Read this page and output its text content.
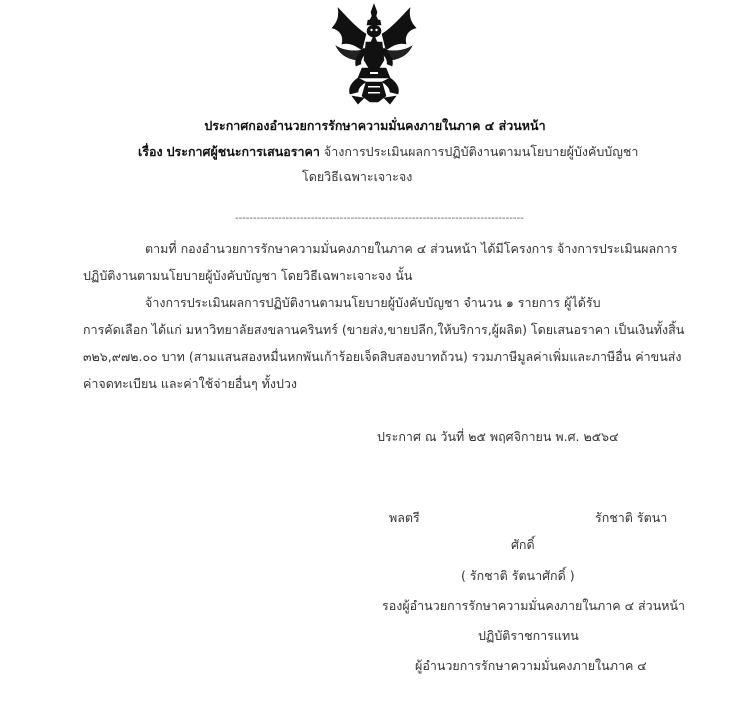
ประกาศกองอำนวยการรักษาความมั่นคงภายในภาค ๔ ส่วนหน้า
เรื่อง ประกาศผู้ชนะการเสนอราคา จ้างการประเมินผลการปฏิบัติงานตามนโยบายผู้บังคับบัญชา
โดยวิธีเฉพาะเจาะจง
--------------------------------------------------------------------------------
ตามที่ กองอำนวยการรักษาความมั่นคงภายในภาค ๔ ส่วนหน้า ได้มีโครงการ จ้างการประเมินผลการ
ปฏิบัติงานตามนโยบายผู้บังคับบัญชา โดยวิธีเฉพาะเจาะจง นั้น
จ้างการประเมินผลการปฏิบัติงานตามนโยบายผู้บังคับบัญชา จำนวน ๑ รายการ ผู้ได้รับ
การคัดเลือก ได้แก่ มหาวิทยาลัยสงขลานครินทร์ (ขายส่ง,ขายปลีก,ให้บริการ,ผู้ผลิต) โดยเสนอราคา เป็นเงินทั้งสิ้น
๓๒๖,๙๗๒.๐๐ บาท (สามแสนสองหมื่นหกพันเก้าร้อยเจ็ดสิบสองบาทถ้วน) รวมภาษีมูลค่าเพิ่มและภาษีอื่น ค่าขนส่ง
ค่าจดทะเบียน และค่าใช้จ่ายอื่นๆ ทั้งปวง
ประกาศ ณ วันที่ ๒๕ พฤศจิกายน พ.ศ. ๒๕๖๔
พลตรี	รักชาติ รัตนา
ศักดิ์
( รักชาติ รัตนาศักดิ์ )
รองผู้อำนวยการรักษาความมั่นคงภายในภาค ๔ ส่วนหน้า
ปฏิบัติราชการแทน
ผู้อำนวยการรักษาความมั่นคงภายในภาค ๔
